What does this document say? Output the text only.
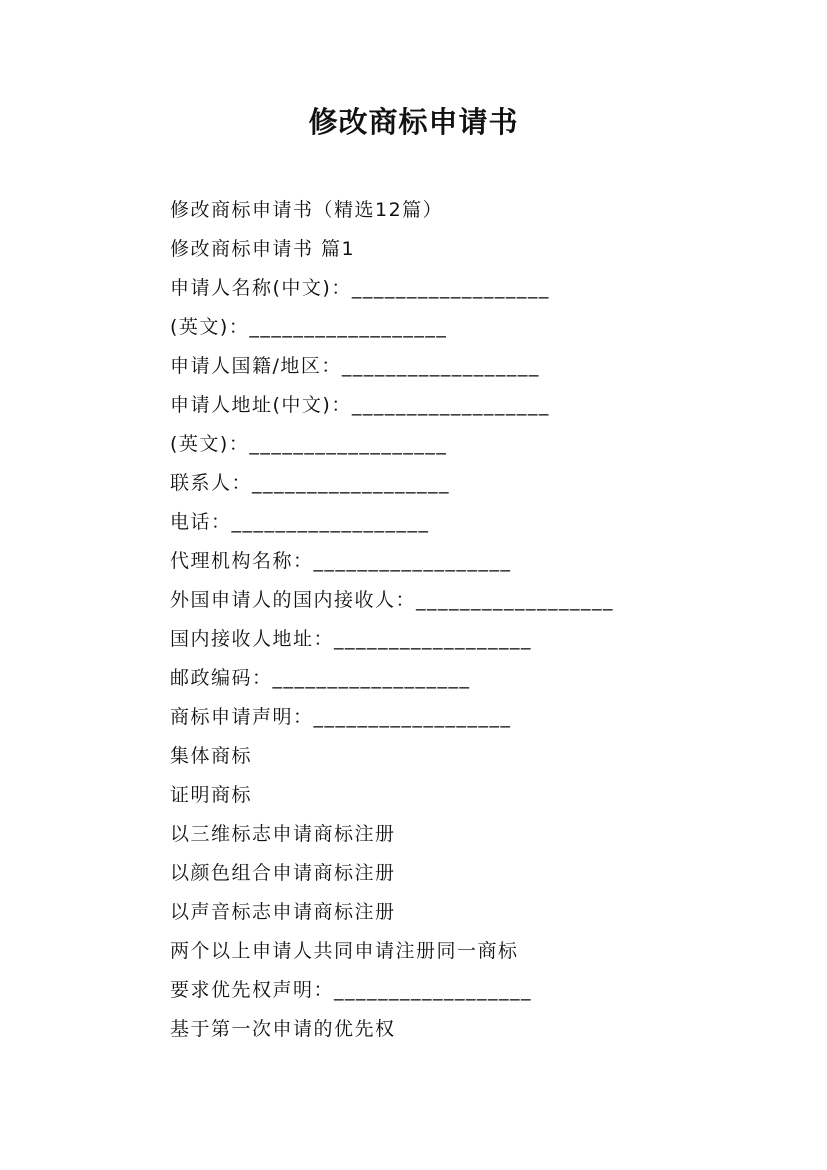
修改商标申请书
修改商标申请书（精选12篇）
修改商标申请书 篇1
申请人名称(中文)：__________________
(英文)：__________________
申请人国籍/地区：__________________
申请人地址(中文)：__________________
(英文)：__________________
联系人：__________________
电话：__________________
代理机构名称：__________________
外国申请人的国内接收人：__________________
国内接收人地址：__________________
邮政编码：__________________
商标申请声明：__________________
集体商标
证明商标
以三维标志申请商标注册
以颜色组合申请商标注册
以声音标志申请商标注册
两个以上申请人共同申请注册同一商标
要求优先权声明：__________________
基于第一次申请的优先权
